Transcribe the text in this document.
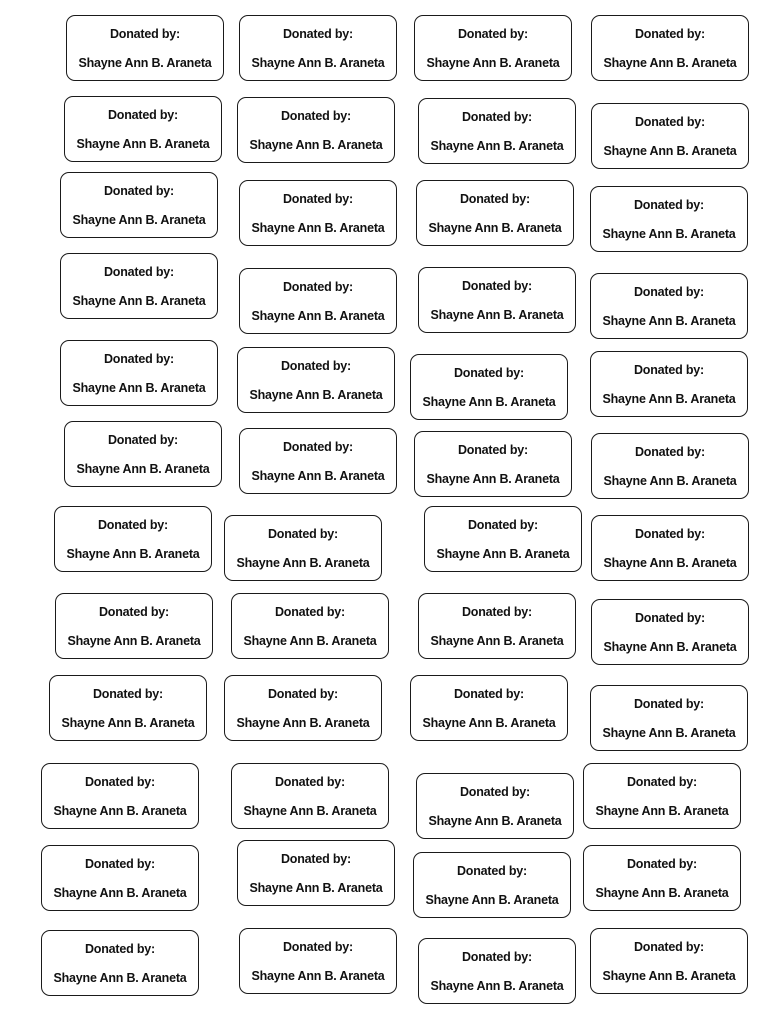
Donated by:
Shayne Ann B. Araneta
Donated by:
Shayne Ann B. Araneta
Donated by:
Shayne Ann B. Araneta
Donated by:
Shayne Ann B. Araneta
Donated by:
Shayne Ann B. Araneta
Donated by:
Shayne Ann B. Araneta
Donated by:
Shayne Ann B. Araneta
Donated by:
Shayne Ann B. Araneta
Donated by:
Shayne Ann B. Araneta
Donated by:
Shayne Ann B. Araneta
Donated by:
Shayne Ann B. Araneta
Donated by:
Shayne Ann B. Araneta
Donated by:
Shayne Ann B. Araneta
Donated by:
Shayne Ann B. Araneta
Donated by:
Shayne Ann B. Araneta
Donated by:
Shayne Ann B. Araneta
Donated by:
Shayne Ann B. Araneta
Donated by:
Shayne Ann B. Araneta
Donated by:
Shayne Ann B. Araneta
Donated by:
Shayne Ann B. Araneta
Donated by:
Shayne Ann B. Araneta
Donated by:
Shayne Ann B. Araneta
Donated by:
Shayne Ann B. Araneta
Donated by:
Shayne Ann B. Araneta
Donated by:
Shayne Ann B. Araneta
Donated by:
Shayne Ann B. Araneta
Donated by:
Shayne Ann B. Araneta
Donated by:
Shayne Ann B. Araneta
Donated by:
Shayne Ann B. Araneta
Donated by:
Shayne Ann B. Araneta
Donated by:
Shayne Ann B. Araneta
Donated by:
Shayne Ann B. Araneta
Donated by:
Shayne Ann B. Araneta
Donated by:
Shayne Ann B. Araneta
Donated by:
Shayne Ann B. Araneta
Donated by:
Shayne Ann B. Araneta
Donated by:
Shayne Ann B. Araneta
Donated by:
Shayne Ann B. Araneta
Donated by:
Shayne Ann B. Araneta
Donated by:
Shayne Ann B. Araneta
Donated by:
Shayne Ann B. Araneta
Donated by:
Shayne Ann B. Araneta
Donated by:
Shayne Ann B. Araneta
Donated by:
Shayne Ann B. Araneta
Donated by:
Shayne Ann B. Araneta
Donated by:
Shayne Ann B. Araneta
Donated by:
Shayne Ann B. Araneta
Donated by:
Shayne Ann B. Araneta
